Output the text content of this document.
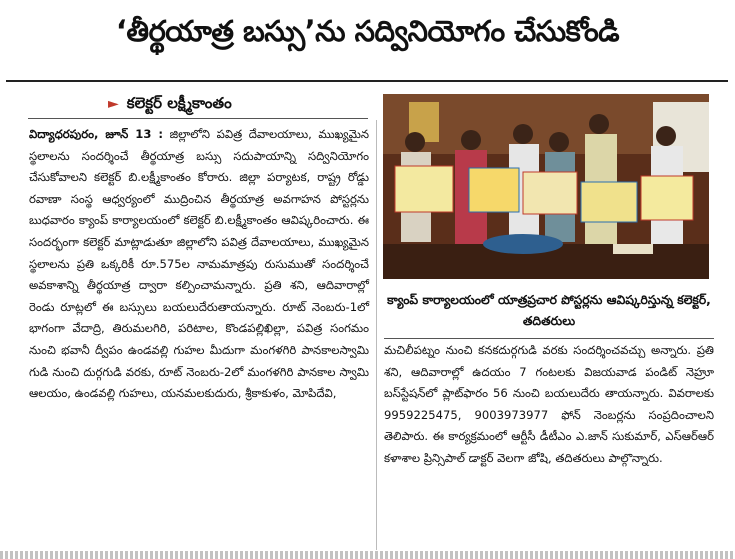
‘తీర్థయాత్ర బస్సు’ను సద్వినియోగం చేసుకోండి
► కలెక్టర్‌ లక్ష్మీకాంతం

విద్యాధరపురం, జూన్‌ 13 : జిల్లాలోని పవిత్ర దేవాలయాలు, ముఖ్యమైన స్థలాలను సందర్శించే తీర్థయాత్ర బస్సు సదుపాయాన్ని సద్వినియోగం చేసుకోవాలని కలెక్టర్‌ బి.లక్ష్మీకాంతం కోరారు. జిల్లా పర్యాటక, రాష్ట్ర రోడ్డు రవాణా సంస్థ ఆధ్వర్యంలో ముద్రించిన తీర్థయాత్ర అవగాహన పోస్టర్లను బుధవారం క్యాంప్‌ కార్యాలయంలో కలెక్టర్‌ బి.లక్ష్మీకాంతం ఆవిష్కరించారు. ఈ సందర్భంగా కలెక్టర్‌ మాట్లాడుతూ జిల్లాలోని పవిత్ర దేవాలయాలు, ముఖ్యమైన స్థలాలను ప్రతి ఒక్కరికీ రూ.575ల నామమాత్రపు రుసుముతో సందర్శించే అవకాశాన్ని తీర్థయాత్ర ద్వారా కల్పించామన్నారు. ప్రతి శని, ఆదివారాల్లో రెండు రూట్లలో ఈ బస్సులు బయలుదేరుతాయన్నారు. రూట్‌ నెంబరు-1లో భాగంగా వేదాద్రి, తిరుమలగిరి, పరిటాల, కొండపల్లిఖిల్లా, పవిత్ర సంగమం నుంచి భవానీ ద్వీపం ఉండవల్లి గుహల మీదుగా మంగళగిరి పానకాలస్వామి గుడి నుంచి దుర్గగుడి వరకు, రూట్‌ నెంబరు-2లో మంగళగిరి పానకాల స్వామి ఆలయం, ఉండవల్లి గుహలు, యనమలకుదురు, శ్రీకాకుళం, మోపిదేవి,

క్యాంప్‌ కార్యాలయంలో యాత్రప్రచార పోస్టర్లను ఆవిష్కరిస్తున్న కలెక్టర్‌, తదితరులు

మచిలీపట్నం నుంచి కనకదుర్గగుడి వరకు సందర్శించవచ్చు అన్నారు. ప్రతి శని, ఆదివారాల్లో ఉదయం 7 గంటలకు విజయవాడ పండిట్‌ నెహ్రూ బస్‌స్టేషన్‌లో ప్లాట్‌ఫారం 56 నుంచి బయలుదేరు తాయన్నారు. వివరాలకు 9959225475, 9003973977 ఫోన్‌ నెంబర్లను సంప్రదించాలని తెలిపారు. ఈ కార్యక్రమంలో ఆర్టీసీ డీటీఎం ఎ.జాన్‌ సుకుమార్‌, ఎస్‌ఆర్‌ఆర్‌ కళాశాల ప్రిన్సిపాల్‌ డాక్టర్‌ వెలగా జోషి, తదితరులు పాల్గొన్నారు.
